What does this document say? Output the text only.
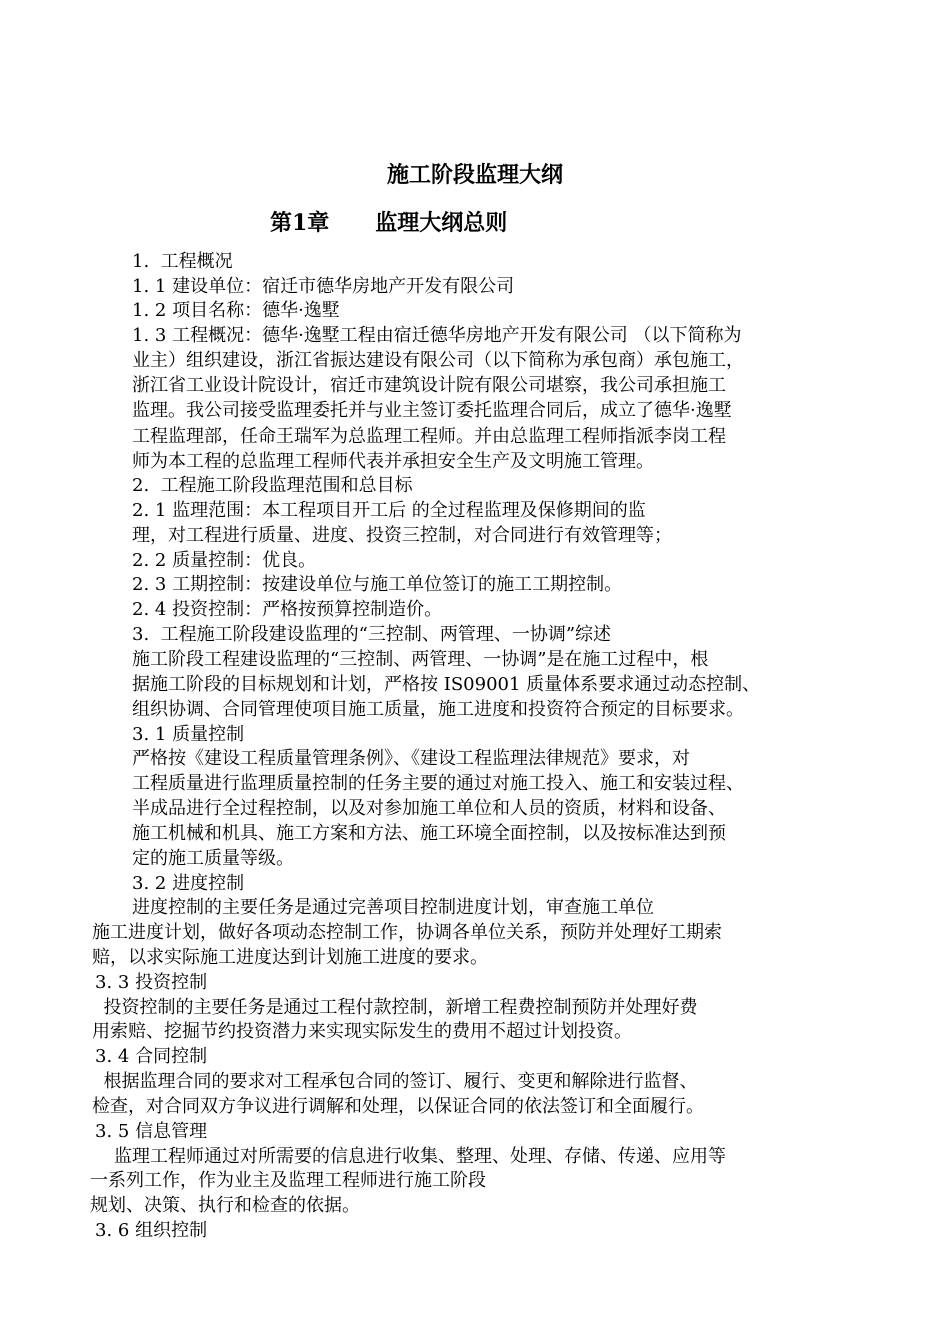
施工阶段监理大纲
第1章      监理大纲总则
1.  工程概况
1. 1 建设单位：宿迁市德华房地产开发有限公司
1. 2 项目名称：德华·逸墅
1. 3 工程概况：德华·逸墅工程由宿迁德华房地产开发有限公司 （以下简称为
业主）组织建设，浙江省振达建设有限公司（以下简称为承包商）承包施工，
浙江省工业设计院设计，宿迁市建筑设计院有限公司堪察，我公司承担施工
监理。我公司接受监理委托并与业主签订委托监理合同后，成立了德华·逸墅
工程监理部，任命王瑞军为总监理工程师。并由总监理工程师指派李岗工程
师为本工程的总监理工程师代表并承担安全生产及文明施工管理。
2.  工程施工阶段监理范围和总目标
2. 1 监理范围：本工程项目开工后 的全过程监理及保修期间的监
理，对工程进行质量、进度、投资三控制，对合同进行有效管理等；
2. 2 质量控制：优良。
2. 3 工期控制：按建设单位与施工单位签订的施工工期控制。
2. 4 投资控制：严格按预算控制造价。
3.  工程施工阶段建设监理的“三控制、两管理、一协调”综述
施工阶段工程建设监理的“三控制、两管理、一协调”是在施工过程中，根
据施工阶段的目标规划和计划，严格按 IS09001 质量体系要求通过动态控制、
组织协调、合同管理使项目施工质量，施工进度和投资符合预定的目标要求。
3. 1 质量控制
严格按《建设工程质量管理条例》、《建设工程监理法律规范》要求，对
工程质量进行监理质量控制的任务主要的通过对施工投入、施工和安装过程、
半成品进行全过程控制，以及对参加施工单位和人员的资质，材料和设备、
施工机械和机具、施工方案和方法、施工环境全面控制，以及按标准达到预
定的施工质量等级。
3. 2 进度控制
进度控制的主要任务是通过完善项目控制进度计划，审查施工单位
施工进度计划，做好各项动态控制工作，协调各单位关系，预防并处理好工期索
赔，以求实际施工进度达到计划施工进度的要求。
3. 3 投资控制
投资控制的主要任务是通过工程付款控制，新增工程费控制预防并处理好费
用索赔、挖掘节约投资潜力来实现实际发生的费用不超过计划投资。
3. 4 合同控制
根据监理合同的要求对工程承包合同的签订、履行、变更和解除进行监督、
检查，对合同双方争议进行调解和处理，以保证合同的依法签订和全面履行。
3. 5 信息管理
监理工程师通过对所需要的信息进行收集、整理、处理、存储、传递、应用等
一系列工作，作为业主及监理工程师进行施工阶段
规划、决策、执行和检查的依据。
3. 6 组织控制
